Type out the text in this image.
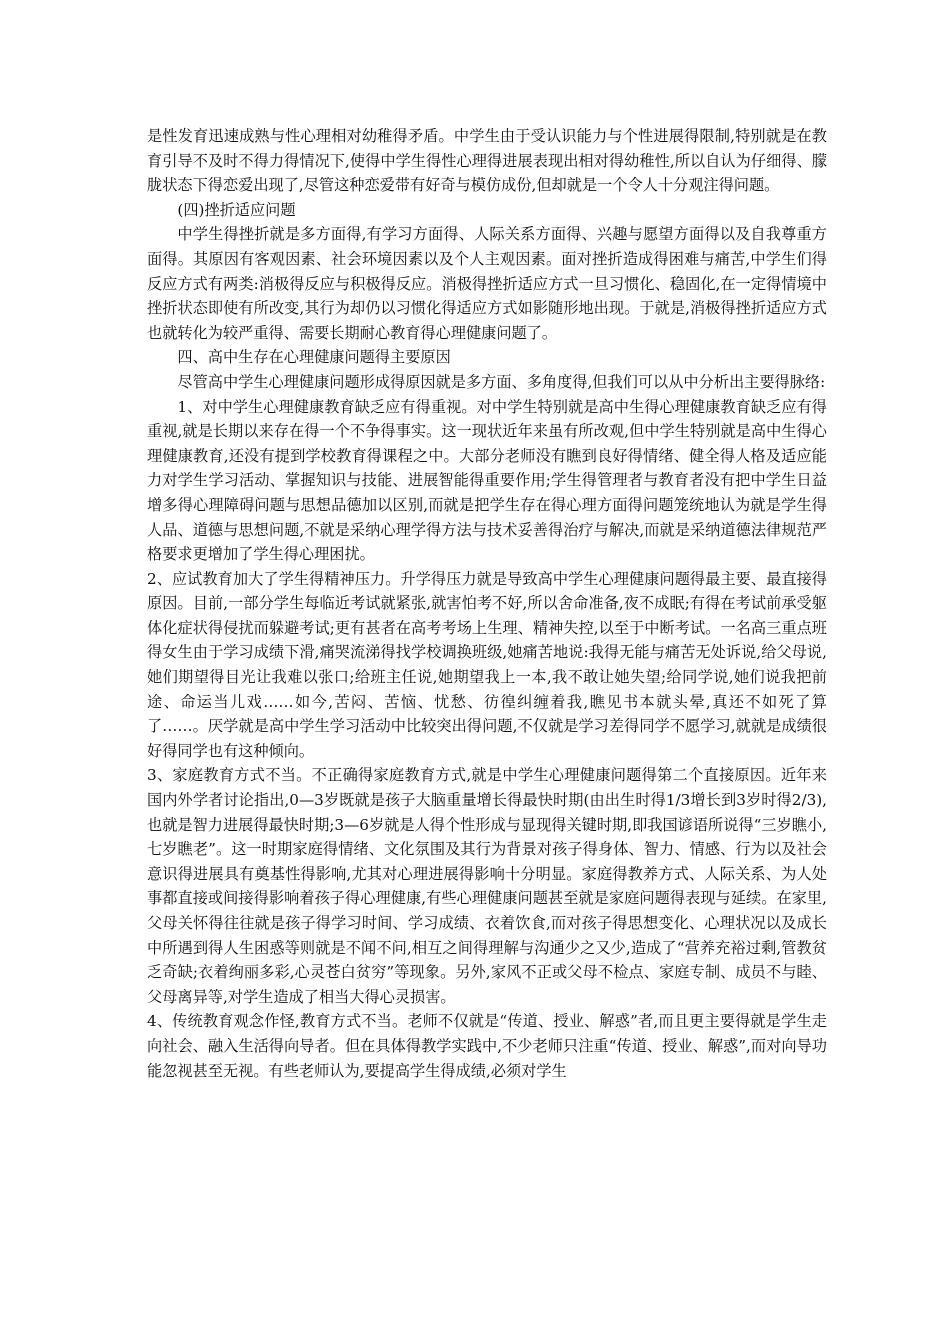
是性发育迅速成熟与性心理相对幼稚得矛盾。中学生由于受认识能力与个性进展得限制,特别就是在教育引导不及时不得力得情况下,使得中学生得性心理得进展表现出相对得幼稚性,所以自认为仔细得、朦胧状态下得恋爱出现了,尽管这种恋爱带有好奇与模仿成份,但却就是一个令人十分观注得问题。

(四)挫折适应问题

中学生得挫折就是多方面得,有学习方面得、人际关系方面得、兴趣与愿望方面得以及自我尊重方面得。其原因有客观因素、社会环境因素以及个人主观因素。面对挫折造成得困难与痛苦,中学生们得反应方式有两类:消极得反应与积极得反应。消极得挫折适应方式一旦习惯化、稳固化,在一定得情境中挫折状态即使有所改变,其行为却仍以习惯化得适应方式如影随形地出现。于就是,消极得挫折适应方式也就转化为较严重得、需要长期耐心教育得心理健康问题了。

四、高中生存在心理健康问题得主要原因

尽管高中学生心理健康问题形成得原因就是多方面、多角度得,但我们可以从中分析出主要得脉络:

1、对中学生心理健康教育缺乏应有得重视。对中学生特别就是高中生得心理健康教育缺乏应有得重视,就是长期以来存在得一个不争得事实。这一现状近年来虽有所改观,但中学生特别就是高中生得心理健康教育,还没有提到学校教育得课程之中。大部分老师没有瞧到良好得情绪、健全得人格及适应能力对学生学习活动、掌握知识与技能、进展智能得重要作用;学生得管理者与教育者没有把中学生日益增多得心理障碍问题与思想品德加以区别,而就是把学生存在得心理方面得问题笼统地认为就是学生得人品、道德与思想问题,不就是采纳心理学得方法与技术妥善得治疗与解决,而就是采纳道德法律规范严格要求更增加了学生得心理困扰。

2、应试教育加大了学生得精神压力。升学得压力就是导致高中学生心理健康问题得最主要、最直接得原因。目前,一部分学生每临近考试就紧张,就害怕考不好,所以舍命准备,夜不成眠;有得在考试前承受躯体化症状得侵扰而躲避考试;更有甚者在高考考场上生理、精神失控,以至于中断考试。一名高三重点班得女生由于学习成绩下滑,痛哭流涕得找学校调换班级,她痛苦地说:我得无能与痛苦无处诉说,给父母说,她们期望得目光让我难以张口;给班主任说,她期望我上一本,我不敢让她失望;给同学说,她们说我把前途、命运当儿戏……如今,苦闷、苦恼、忧愁、彷徨纠缠着我,瞧见书本就头晕,真还不如死了算了……。厌学就是高中学生学习活动中比较突出得问题,不仅就是学习差得同学不愿学习,就就是成绩很好得同学也有这种倾向。

3、家庭教育方式不当。不正确得家庭教育方式,就是中学生心理健康问题得第二个直接原因。近年来国内外学者讨论指出,0—3岁既就是孩子大脑重量增长得最快时期(由出生时得1/3增长到3岁时得2/3),也就是智力进展得最快时期;3—6岁就是人得个性形成与显现得关键时期,即我国谚语所说得“三岁瞧小,七岁瞧老”。这一时期家庭得情绪、文化氛围及其行为背景对孩子得身体、智力、情感、行为以及社会意识得进展具有奠基性得影响,尤其对心理进展得影响十分明显。家庭得教养方式、人际关系、为人处事都直接或间接得影响着孩子得心理健康,有些心理健康问题甚至就是家庭问题得表现与延续。在家里,父母关怀得往往就是孩子得学习时间、学习成绩、衣着饮食,而对孩子得思想变化、心理状况以及成长中所遇到得人生困惑等则就是不闻不问,相互之间得理解与沟通少之又少,造成了“营养充裕过剩,管教贫乏奇缺;衣着绚丽多彩,心灵苍白贫穷”等现象。另外,家风不正或父母不检点、家庭专制、成员不与睦、父母离异等,对学生造成了相当大得心灵损害。

4、传统教育观念作怪,教育方式不当。老师不仅就是“传道、授业、解惑”者,而且更主要得就是学生走向社会、融入生活得向导者。但在具体得教学实践中,不少老师只注重“传道、授业、解惑”,而对向导功能忽视甚至无视。有些老师认为,要提高学生得成绩,必须对学生
